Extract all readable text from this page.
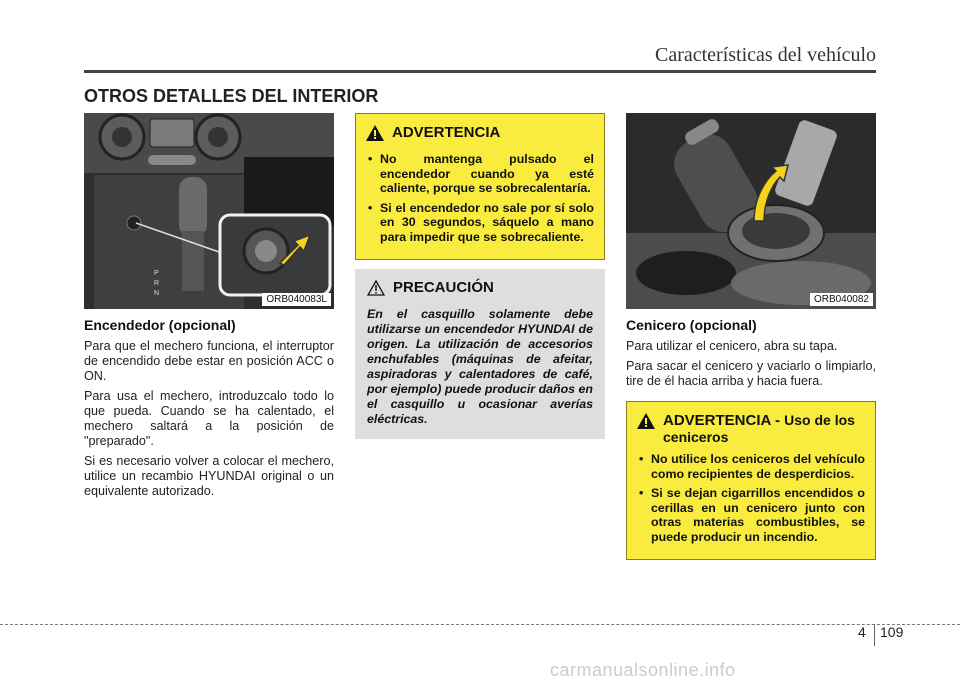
Características del vehículo
OTROS DETALLES DEL INTERIOR
P
R
N
ORB040083L
Encendedor (opcional)

Para que el mechero funciona, el interruptor de encendido debe estar en posición ACC o ON.

Para usa el mechero, introduzcalo todo lo que pueda. Cuando se ha calentado, el mechero saltará a la posición de "preparado".

Si es necesario volver a colocar el mechero, utilice un recambio HYUNDAI original o un equivalente autorizado.

ADVERTENCIA
• No mantenga pulsado el encendedor cuando ya esté caliente, porque se sobrecalentaría.
• Si el encendedor no sale por sí solo en 30 segundos, sáquelo a mano para impedir que se sobrecaliente.
PRECAUCIÓN

En el casquillo solamente debe utilizarse un encendedor HYUNDAI de origen. La utilización de accesorios enchufables (máquinas de afeitar, aspiradoras y calentadores de café, por ejemplo) puede producir daños en el casquillo u ocasionar averías eléctricas.

ORB040082
Cenicero (opcional)

Para utilizar el cenicero, abra su tapa.

Para sacar el cenicero y vaciarlo o limpiarlo, tire de él hacia arriba y hacia fuera.

ADVERTENCIA - Uso de los ceniceros
• No utilice los ceniceros del vehículo como recipientes de desperdicios.
• Si se dejan cigarrillos encendidos o cerillas en un cenicero junto con otras materias combustibles, se puede producir un incendio.
4 109
carmanualsonline.info
